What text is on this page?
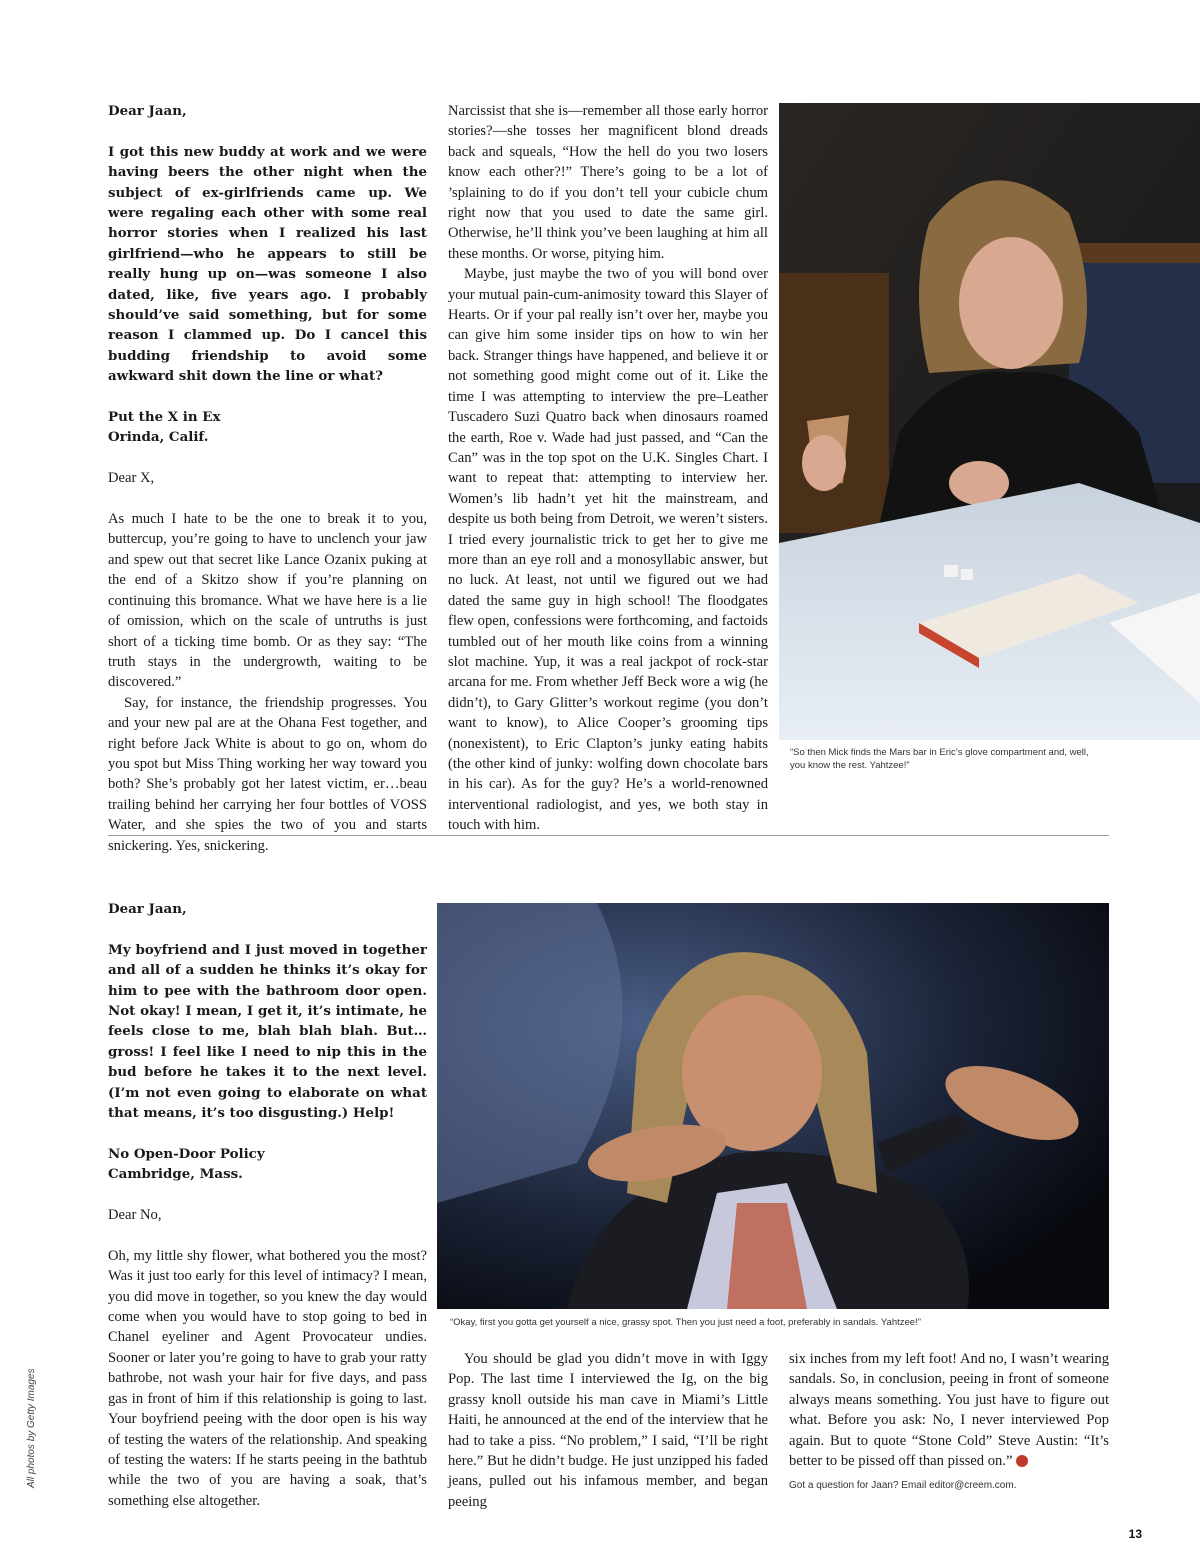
Dear Jaan,

I got this new buddy at work and we were having beers the other night when the subject of ex-girlfriends came up. We were regaling each other with some real horror stories when I realized his last girlfriend—who he appears to still be really hung up on—was someone I also dated, like, five years ago. I probably should’ve said something, but for some reason I clammed up. Do I cancel this budding friendship to avoid some awkward shit down the line or what?

Put the X in Ex

Orinda, Calif.

Dear X,

As much I hate to be the one to break it to you, buttercup, you’re going to have to unclench your jaw and spew out that secret like Lance Ozanix puking at the end of a Skitzo show if you’re planning on continuing this bromance. What we have here is a lie of omission, which on the scale of untruths is just short of a ticking time bomb. Or as they say: “The truth stays in the undergrowth, waiting to be discovered.”

Say, for instance, the friendship progresses. You and your new pal are at the Ohana Fest together, and right before Jack White is about to go on, whom do you spot but Miss Thing working her way toward you both? She’s probably got her latest victim, er…beau trailing behind her carrying her four bottles of VOSS Water, and she spies the two of you and starts snickering. Yes, snickering.

Narcissist that she is—remember all those early horror stories?—she tosses her magnificent blond dreads back and squeals, “How the hell do you two losers know each other?!” There’s going to be a lot of ’splaining to do if you don’t tell your cubicle chum right now that you used to date the same girl. Otherwise, he’ll think you’ve been laughing at him all these months. Or worse, pitying him.

Maybe, just maybe the two of you will bond over your mutual pain-cum-animosity toward this Slayer of Hearts. Or if your pal really isn’t over her, maybe you can give him some insider tips on how to win her back. Stranger things have happened, and believe it or not something good might come out of it. Like the time I was attempting to interview the pre–Leather Tuscadero Suzi Quatro back when dinosaurs roamed the earth, Roe v. Wade had just passed, and “Can the Can” was in the top spot on the U.K. Singles Chart. I want to repeat that: attempting to interview her. Women’s lib hadn’t yet hit the mainstream, and despite us both being from Detroit, we weren’t sisters. I tried every journalistic trick to get her to give me more than an eye roll and a monosyllabic answer, but no luck. At least, not until we figured out we had dated the same guy in high school! The floodgates flew open, confessions were forthcoming, and factoids tumbled out of her mouth like coins from a winning slot machine. Yup, it was a real jackpot of rock-star arcana for me. From whether Jeff Beck wore a wig (he didn’t), to Gary Glitter’s workout regime (you don’t want to know), to Alice Cooper’s grooming tips (nonexistent), to Eric Clapton’s junky eating habits (the other kind of junky: wolfing down chocolate bars in his car). As for the guy? He’s a world-renowned interventional radiologist, and yes, we both stay in touch with him.

“So then Mick finds the Mars bar in Eric’s glove compartment and, well, you know the rest. Yahtzee!”

Dear Jaan,

My boyfriend and I just moved in together and all of a sudden he thinks it’s okay for him to pee with the bathroom door open. Not okay! I mean, I get it, it’s intimate, he feels close to me, blah blah blah. But…gross! I feel like I need to nip this in the bud before he takes it to the next level. (I’m not even going to elaborate on what that means, it’s too disgusting.) Help!

No Open-Door Policy

Cambridge, Mass.

Dear No,

Oh, my little shy flower, what bothered you the most? Was it just too early for this level of intimacy? I mean, you did move in together, so you knew the day would come when you would have to stop going to bed in Chanel eyeliner and Agent Provocateur undies. Sooner or later you’re going to have to grab your ratty bathrobe, not wash your hair for five days, and pass gas in front of him if this relationship is going to last. Your boyfriend peeing with the door open is his way of testing the waters of the relationship. And speaking of testing the waters: If he starts peeing in the bathtub while the two of you are having a soak, that’s something else altogether.

“Okay, first you gotta get yourself a nice, grassy spot. Then you just need a foot, preferably in sandals. Yahtzee!”

You should be glad you didn’t move in with Iggy Pop. The last time I interviewed the Ig, on the big grassy knoll outside his man cave in Miami’s Little Haiti, he announced at the end of the interview that he had to take a piss. “No problem,” I said, “I’ll be right here.” But he didn’t budge. He just unzipped his faded jeans, pulled out his infamous member, and began peeing

six inches from my left foot! And no, I wasn’t wearing sandals. So, in conclusion, peeing in front of someone always means something. You just have to figure out what. Before you ask: No, I never interviewed Pop again. But to quote “Stone Cold” Steve Austin: “It’s better to be pissed off than pissed on.”

Got a question for Jaan? Email editor@creem.com.
All photos by Getty Images
13
